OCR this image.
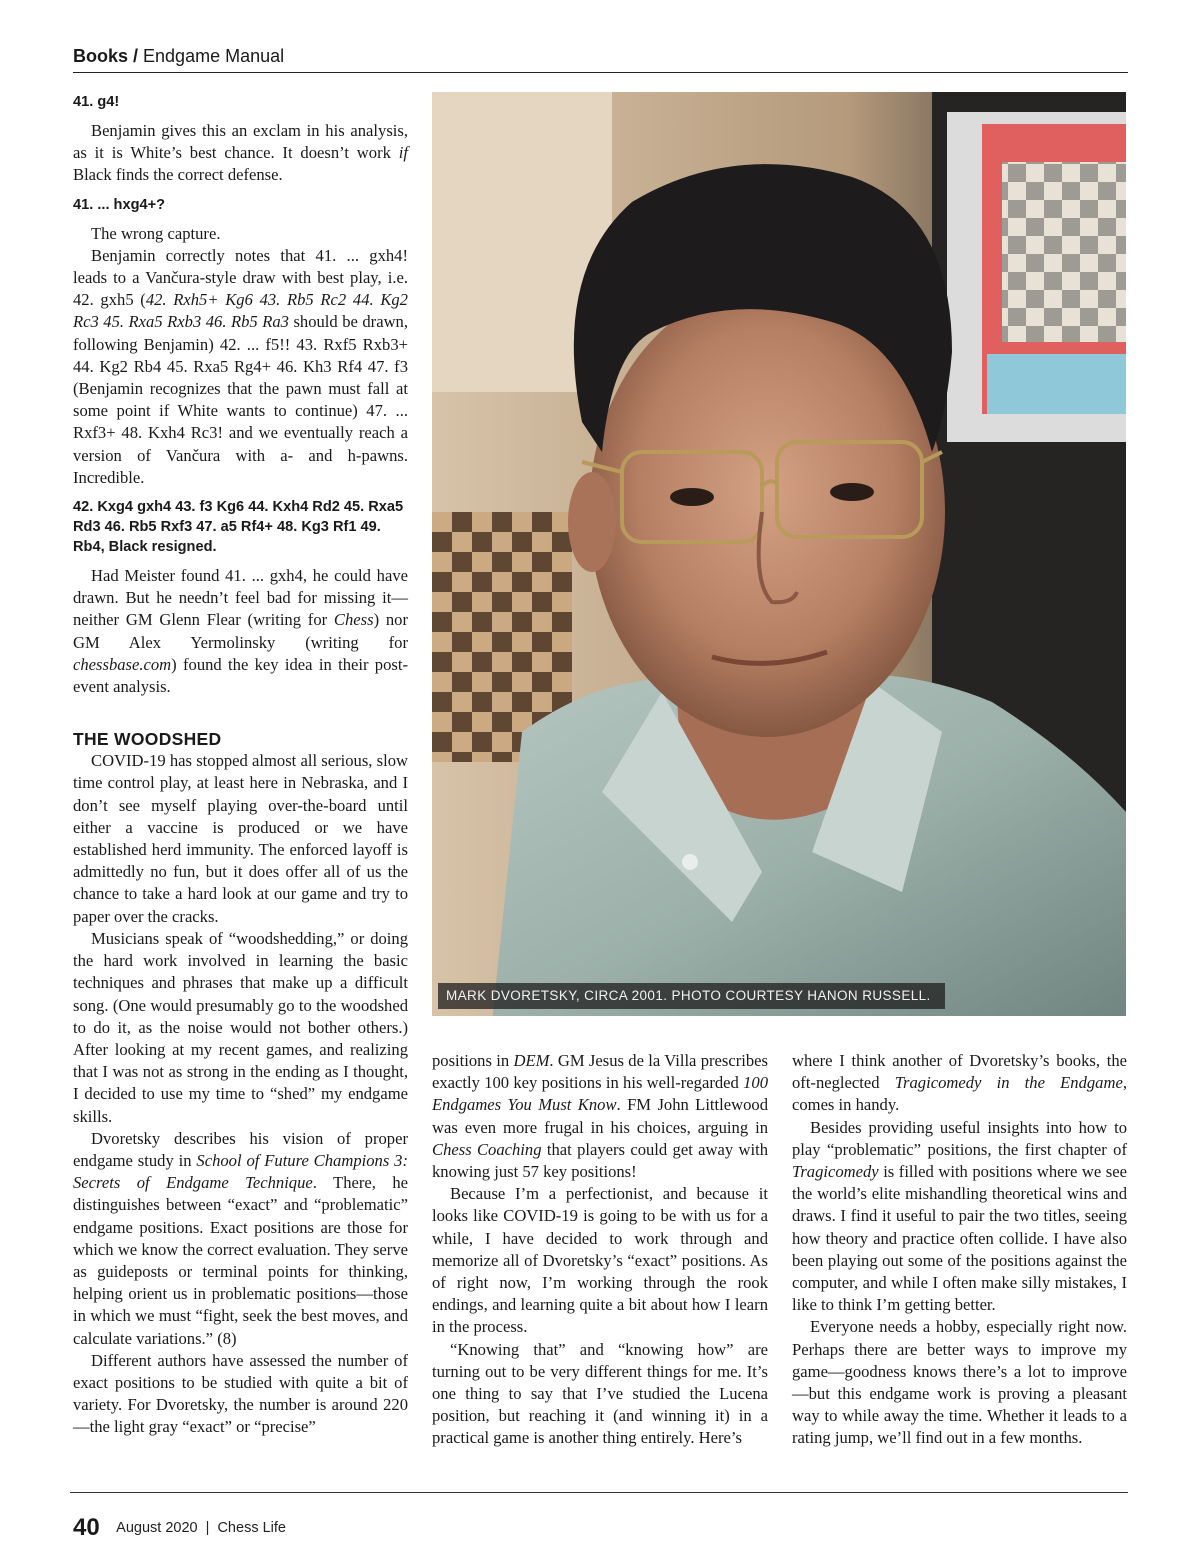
Books / Endgame Manual
41. g4!

Benjamin gives this an exclam in his analysis, as it is White’s best chance. It doesn’t work if Black finds the correct defense.

41. ... hxg4+?

The wrong capture.

Benjamin correctly notes that 41. ... gxh4! leads to a Vančura-style draw with best play, i.e. 42. gxh5 (42. Rxh5+ Kg6 43. Rb5 Rc2 44. Kg2 Rc3 45. Rxa5 Rxb3 46. Rb5 Ra3 should be drawn, following Benjamin) 42. ... f5!! 43. Rxf5 Rxb3+ 44. Kg2 Rb4 45. Rxa5 Rg4+ 46. Kh3 Rf4 47. f3 (Benjamin recognizes that the pawn must fall at some point if White wants to continue) 47. ... Rxf3+ 48. Kxh4 Rc3! and we eventually reach a version of Vančura with a- and h-pawns. Incredible.

42. Kxg4 gxh4 43. f3 Kg6 44. Kxh4 Rd2 45. Rxa5 Rd3 46. Rb5 Rxf3 47. a5 Rf4+ 48. Kg3 Rf1 49. Rb4, Black resigned.

Had Meister found 41. ... gxh4, he could have drawn. But he needn’t feel bad for missing it—neither GM Glenn Flear (writing for Chess) nor GM Alex Yermolinsky (writing for chessbase.com) found the key idea in their post-event analysis.

THE WOODSHED

COVID-19 has stopped almost all serious, slow time control play, at least here in Nebraska, and I don’t see myself playing over-the-board until either a vaccine is produced or we have established herd immunity. The enforced layoff is admittedly no fun, but it does offer all of us the chance to take a hard look at our game and try to paper over the cracks.

Musicians speak of “woodshedding,” or doing the hard work involved in learning the basic techniques and phrases that make up a difficult song. (One would presumably go to the woodshed to do it, as the noise would not bother others.) After looking at my recent games, and realizing that I was not as strong in the ending as I thought, I decided to use my time to “shed” my endgame skills.

Dvoretsky describes his vision of proper endgame study in School of Future Champions 3: Secrets of Endgame Technique. There, he distinguishes between “exact” and “problematic” endgame positions. Exact positions are those for which we know the correct evaluation. They serve as guideposts or terminal points for thinking, helping orient us in problematic positions—those in which we must “fight, seek the best moves, and calculate variations.” (8)

Different authors have assessed the number of exact positions to be studied with quite a bit of variety. For Dvoretsky, the number is around 220—the light gray “exact” or “precise”

MARK DVORETSKY, CIRCA 2001. PHOTO COURTESY HANON RUSSELL.

positions in DEM. GM Jesus de la Villa prescribes exactly 100 key positions in his well-regarded 100 Endgames You Must Know. FM John Littlewood was even more frugal in his choices, arguing in Chess Coaching that players could get away with knowing just 57 key positions!

Because I’m a perfectionist, and because it looks like COVID-19 is going to be with us for a while, I have decided to work through and memorize all of Dvoretsky’s “exact” positions. As of right now, I’m working through the rook endings, and learning quite a bit about how I learn in the process.

“Knowing that” and “knowing how” are turning out to be very different things for me. It’s one thing to say that I’ve studied the Lucena position, but reaching it (and winning it) in a practical game is another thing entirely. Here’s

where I think another of Dvoretsky’s books, the oft-neglected Tragicomedy in the Endgame, comes in handy.

Besides providing useful insights into how to play “problematic” positions, the first chapter of Tragicomedy is filled with positions where we see the world’s elite mishandling theoretical wins and draws. I find it useful to pair the two titles, seeing how theory and practice often collide. I have also been playing out some of the positions against the computer, and while I often make silly mistakes, I like to think I’m getting better.

Everyone needs a hobby, especially right now. Perhaps there are better ways to improve my game—goodness knows there’s a lot to improve—but this endgame work is proving a pleasant way to while away the time. Whether it leads to a rating jump, we’ll find out in a few months.

40 August 2020  |  Chess Life
